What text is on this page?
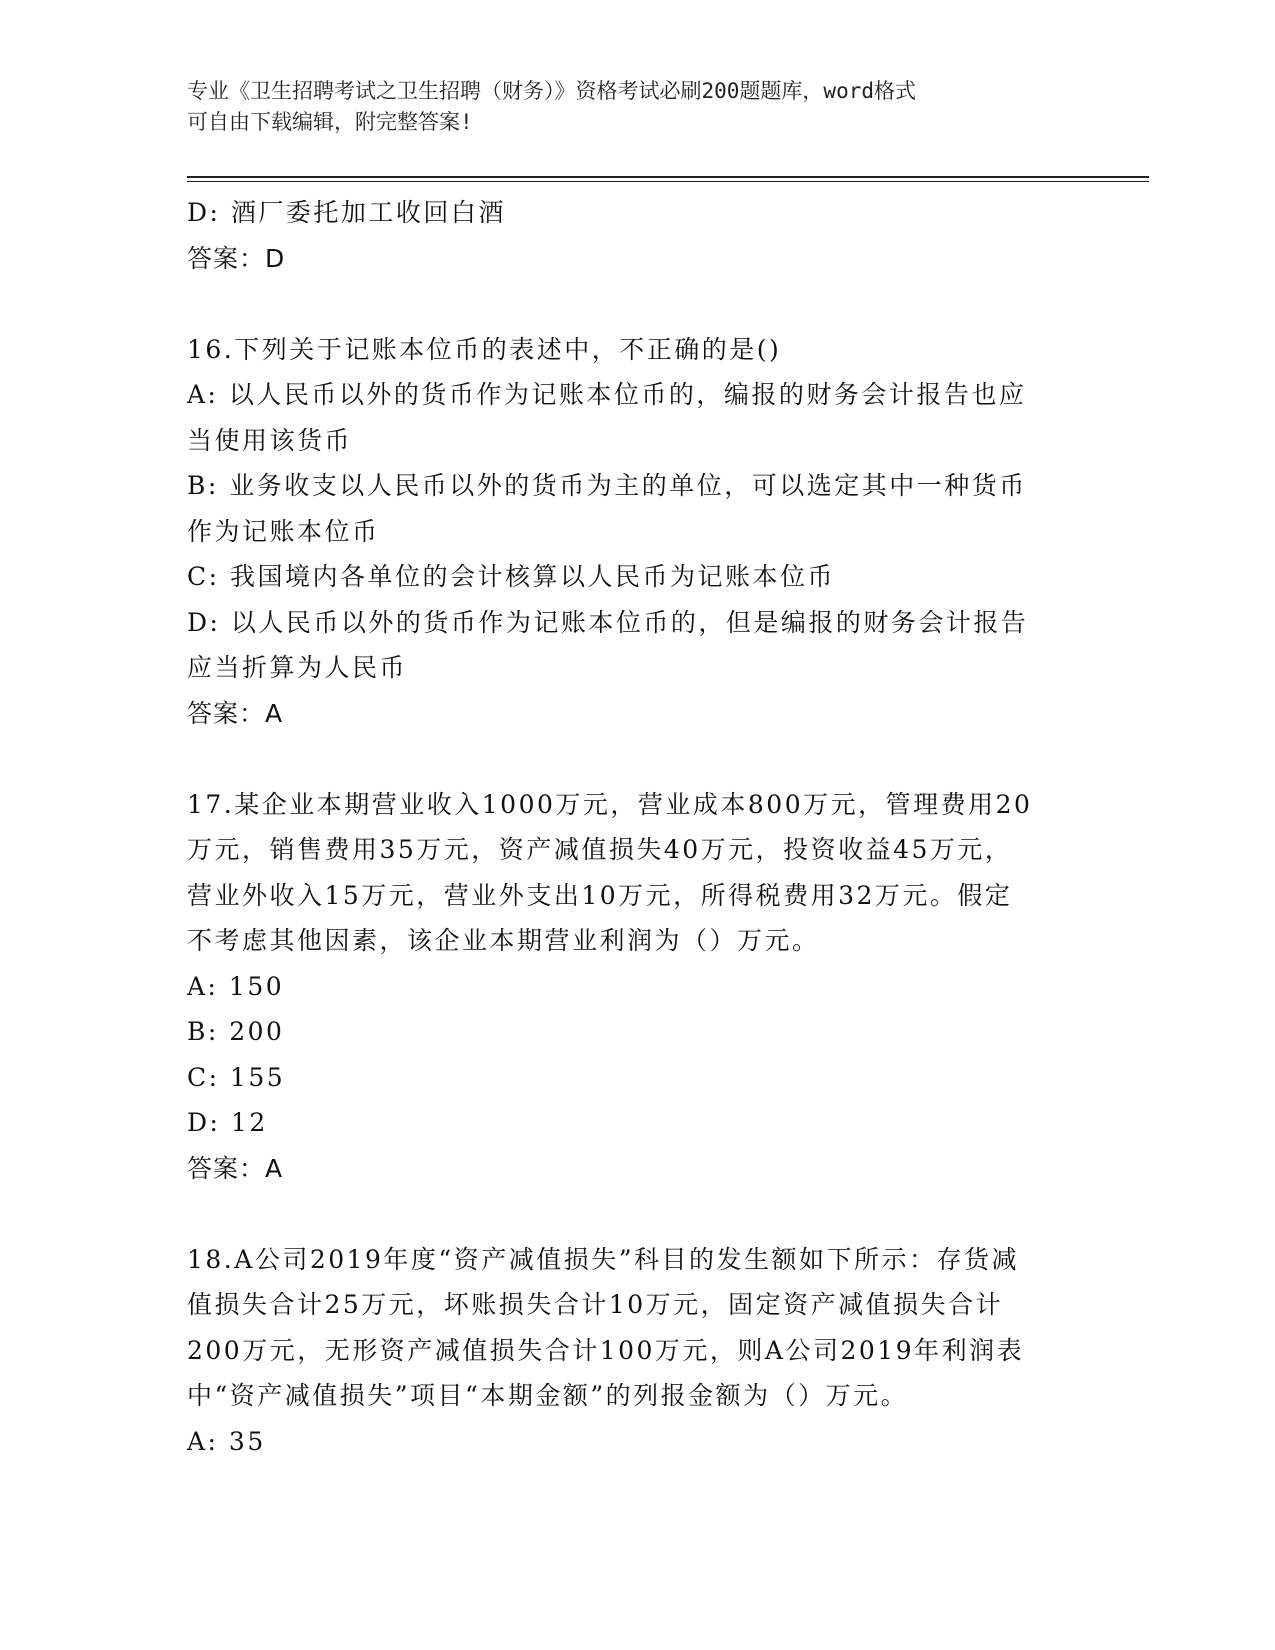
专业《卫生招聘考试之卫生招聘（财务）》资格考试必刷200题题库，word格式
可自由下载编辑，附完整答案!
D: 酒厂委托加工收回白酒
答案：D
16.下列关于记账本位币的表述中，不正确的是()
A: 以人民币以外的货币作为记账本位币的，编报的财务会计报告也应
当使用该货币
B: 业务收支以人民币以外的货币为主的单位，可以选定其中一种货币
作为记账本位币
C: 我国境内各单位的会计核算以人民币为记账本位币
D: 以人民币以外的货币作为记账本位币的，但是编报的财务会计报告
应当折算为人民币
答案：A
17.某企业本期营业收入1000万元，营业成本800万元，管理费用20
万元，销售费用35万元，资产减值损失40万元，投资收益45万元，
营业外收入15万元，营业外支出10万元，所得税费用32万元。假定
不考虑其他因素，该企业本期营业利润为（）万元。
A: 150
B: 200
C: 155
D: 12
答案：A
18.A公司2019年度“资产减值损失”科目的发生额如下所示：存货减
值损失合计25万元，坏账损失合计10万元，固定资产减值损失合计
200万元，无形资产减值损失合计100万元，则A公司2019年利润表
中“资产减值损失”项目“本期金额”的列报金额为（）万元。
A: 35
